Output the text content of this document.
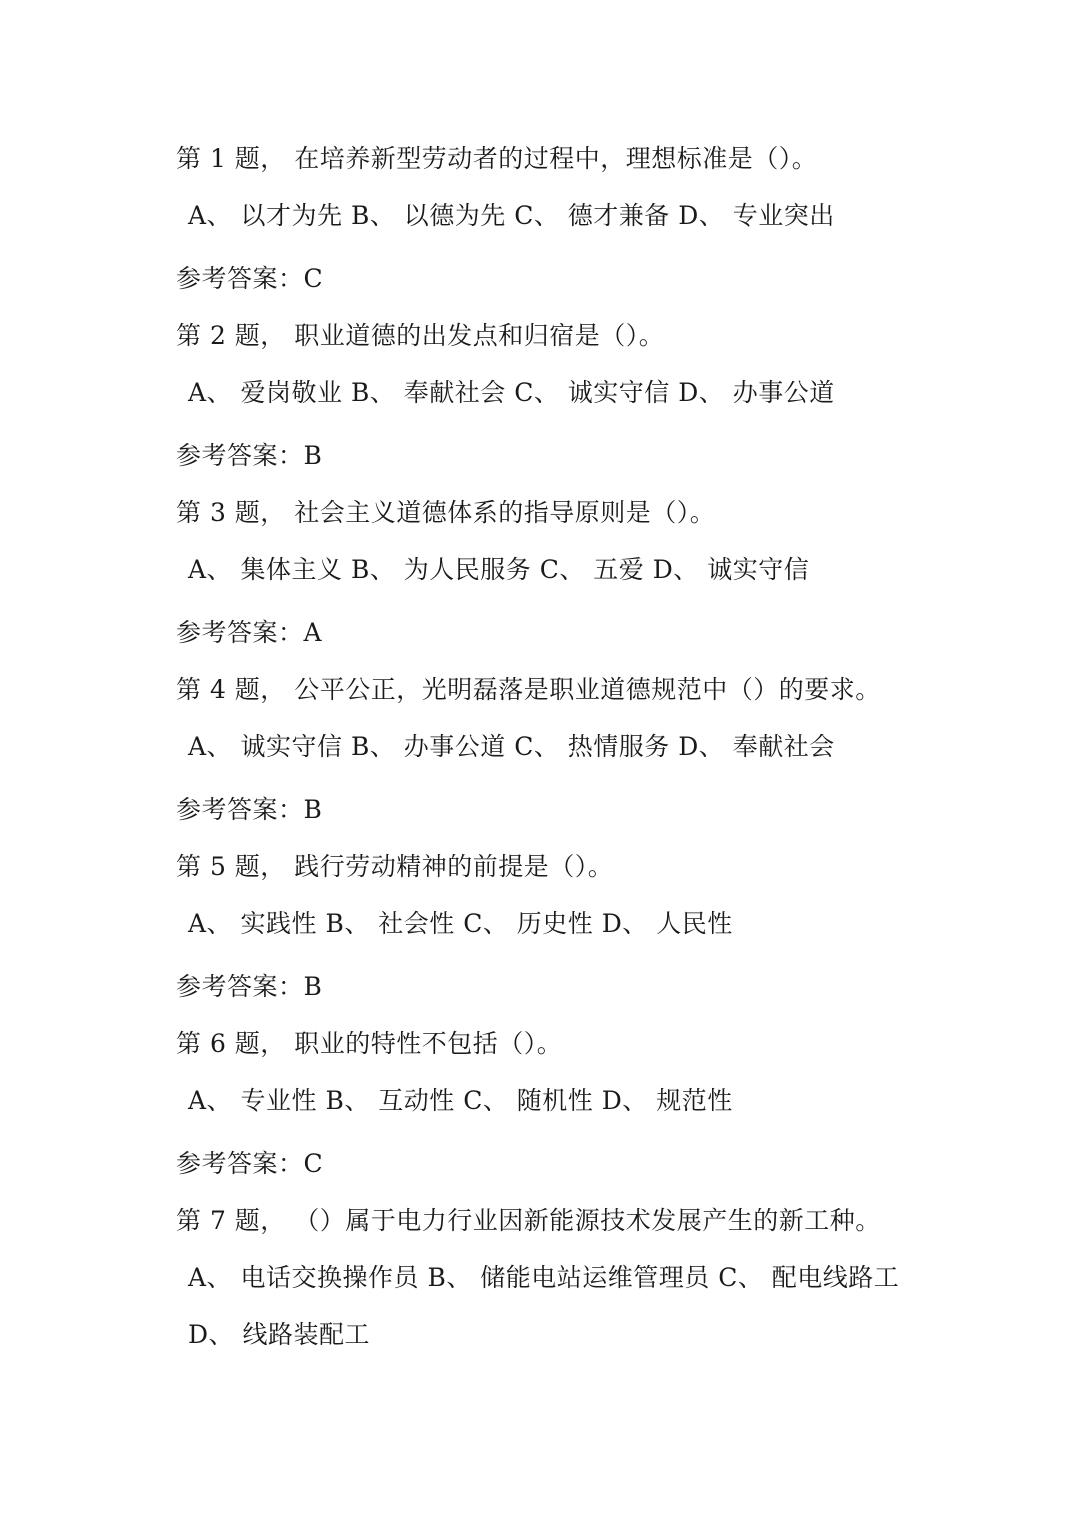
第 1 题， 在培养新型劳动者的过程中，理想标准是（）。
A、 以才为先 B、 以德为先 C、 德才兼备 D、 专业突出
参考答案：C
第 2 题， 职业道德的出发点和归宿是（）。
A、 爱岗敬业 B、 奉献社会 C、 诚实守信 D、 办事公道
参考答案：B
第 3 题， 社会主义道德体系的指导原则是（）。
A、 集体主义 B、 为人民服务 C、 五爱 D、 诚实守信
参考答案：A
第 4 题， 公平公正，光明磊落是职业道德规范中（）的要求。
A、 诚实守信 B、 办事公道 C、 热情服务 D、 奉献社会
参考答案：B
第 5 题， 践行劳动精神的前提是（）。
A、 实践性 B、 社会性 C、 历史性 D、 人民性
参考答案：B
第 6 题， 职业的特性不包括（）。
A、 专业性 B、 互动性 C、 随机性 D、 规范性
参考答案：C
第 7 题， （）属于电力行业因新能源技术发展产生的新工种。
A、 电话交换操作员 B、 储能电站运维管理员 C、 配电线路工
D、 线路装配工
